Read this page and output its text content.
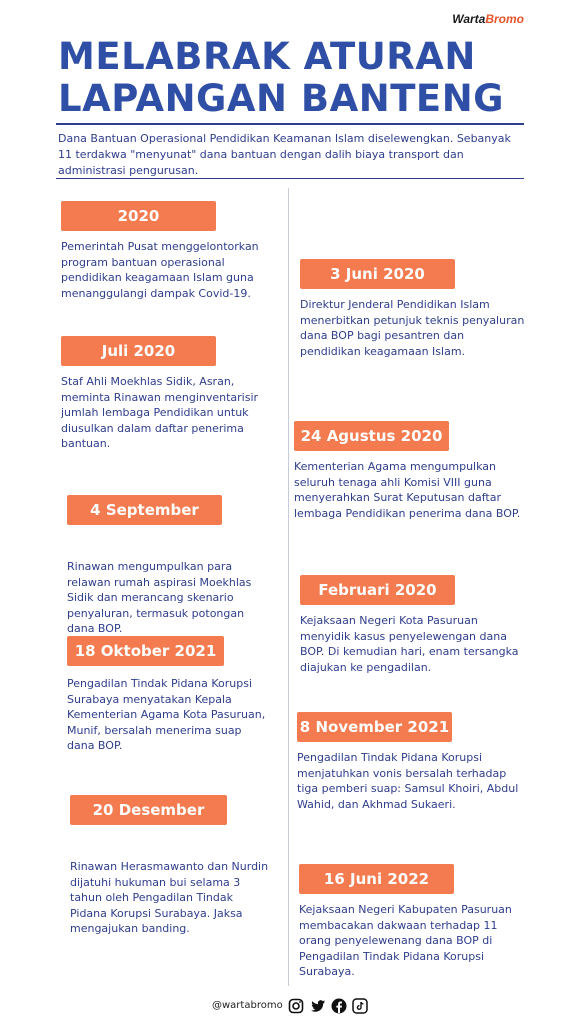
WartaBromo
MELABRAK ATURAN LAPANGAN BANTENG

Dana Bantuan Operasional Pendidikan Keamanan Islam diselewengkan. Sebanyak 11 terdakwa "menyunat" dana bantuan dengan dalih biaya transport dan administrasi pengurusan.

2020

Pemerintah Pusat menggelontorkan program bantuan operasional pendidikan keagamaan Islam guna menanggulangi dampak Covid-19.

Juli 2020

Staf Ahli Moekhlas Sidik, Asran, meminta Rinawan menginventarisir jumlah lembaga Pendidikan untuk diusulkan dalam daftar penerima bantuan.

4 September 2020

Rinawan mengumpulkan para relawan rumah aspirasi Moekhlas Sidik dan merancang skenario penyaluran, termasuk potongan dana BOP.

18 Oktober 2021

Pengadilan Tindak Pidana Korupsi Surabaya menyatakan Kepala Kementerian Agama Kota Pasuruan, Munif, bersalah menerima suap dana BOP.

20 Desember 2021

Rinawan Herasmawanto dan Nurdin dijatuhi hukuman bui selama 3 tahun oleh Pengadilan Tindak Pidana Korupsi Surabaya. Jaksa mengajukan banding.

3 Juni 2020

Direktur Jenderal Pendidikan Islam menerbitkan petunjuk teknis penyaluran dana BOP bagi pesantren dan pendidikan keagamaan Islam.

24 Agustus 2020

Kementerian Agama mengumpulkan seluruh tenaga ahli Komisi VIII guna menyerahkan Surat Keputusan daftar lembaga Pendidikan penerima dana BOP.

Februari 2020

Kejaksaan Negeri Kota Pasuruan menyidik kasus penyelewengan dana BOP. Di kemudian hari, enam tersangka diajukan ke pengadilan.

8 November 2021

Pengadilan Tindak Pidana Korupsi menjatuhkan vonis bersalah terhadap tiga pemberi suap: Samsul Khoiri, Abdul Wahid, dan Akhmad Sukaeri.

16 Juni 2022

Kejaksaan Negeri Kabupaten Pasuruan membacakan dakwaan terhadap 11 orang penyelewenang dana BOP di Pengadilan Tindak Pidana Korupsi Surabaya.

@wartabromo
